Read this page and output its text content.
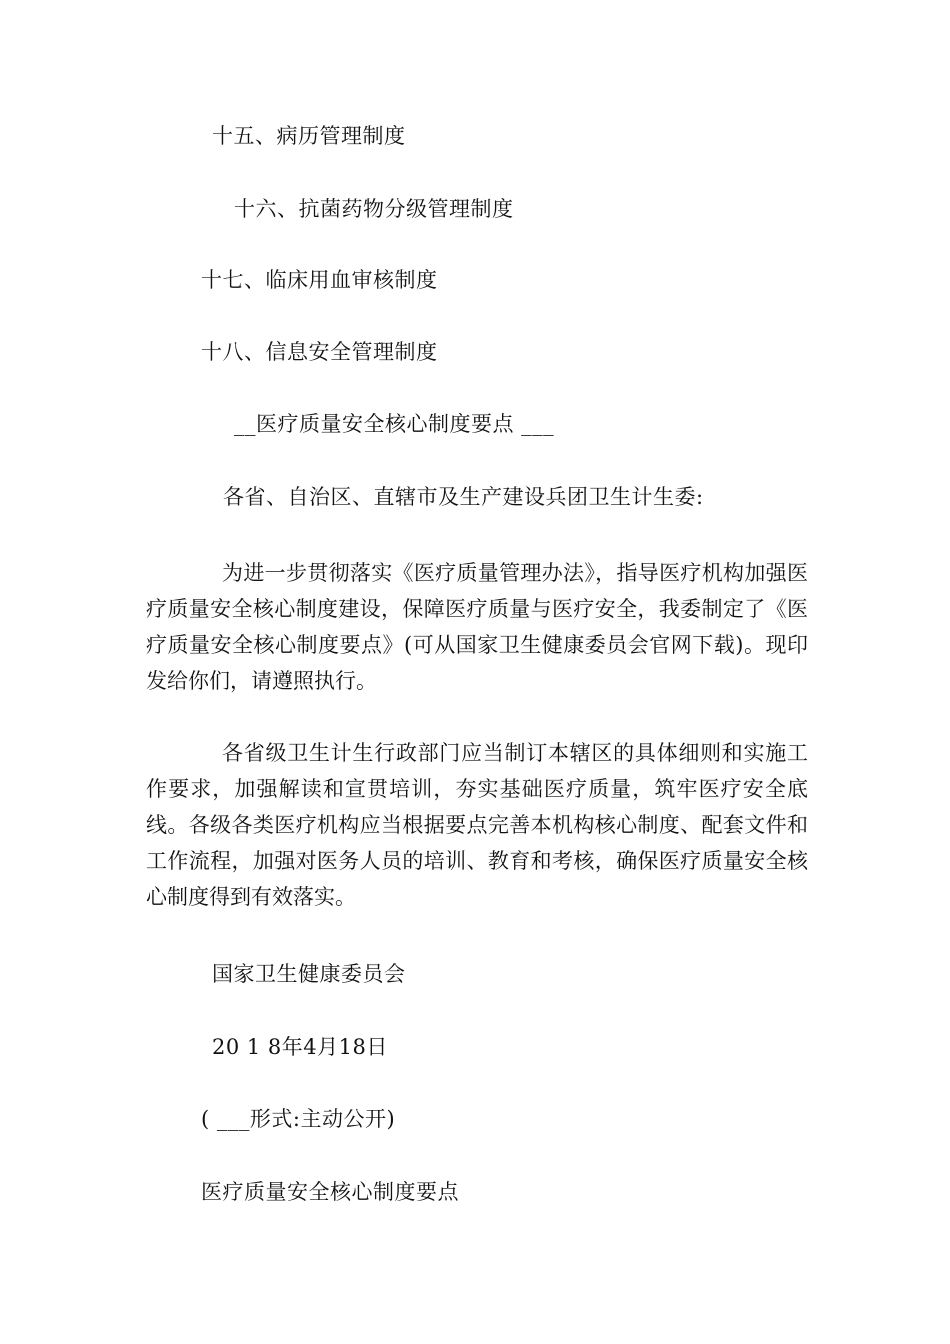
十五、病历管理制度
十六、抗菌药物分级管理制度
十七、临床用血审核制度
十八、信息安全管理制度
__医疗质量安全核心制度要点 ___
各省、自治区、直辖市及生产建设兵团卫生计生委:

为进一步贯彻落实《医疗质量管理办法》，指导医疗机构加强医疗质量安全核心制度建设，保障医疗质量与医疗安全，我委制定了《医疗质量安全核心制度要点》(可从国家卫生健康委员会官网下载)。现印发给你们，请遵照执行。

各省级卫生计生行政部门应当制订本辖区的具体细则和实施工作要求，加强解读和宣贯培训，夯实基础医疗质量，筑牢医疗安全底线。各级各类医疗机构应当根据要点完善本机构核心制度、配套文件和工作流程，加强对医务人员的培训、教育和考核，确保医疗质量安全核心制度得到有效落实。

国家卫生健康委员会
20 1 8年4月18日
( ___形式:主动公开)
医疗质量安全核心制度要点
